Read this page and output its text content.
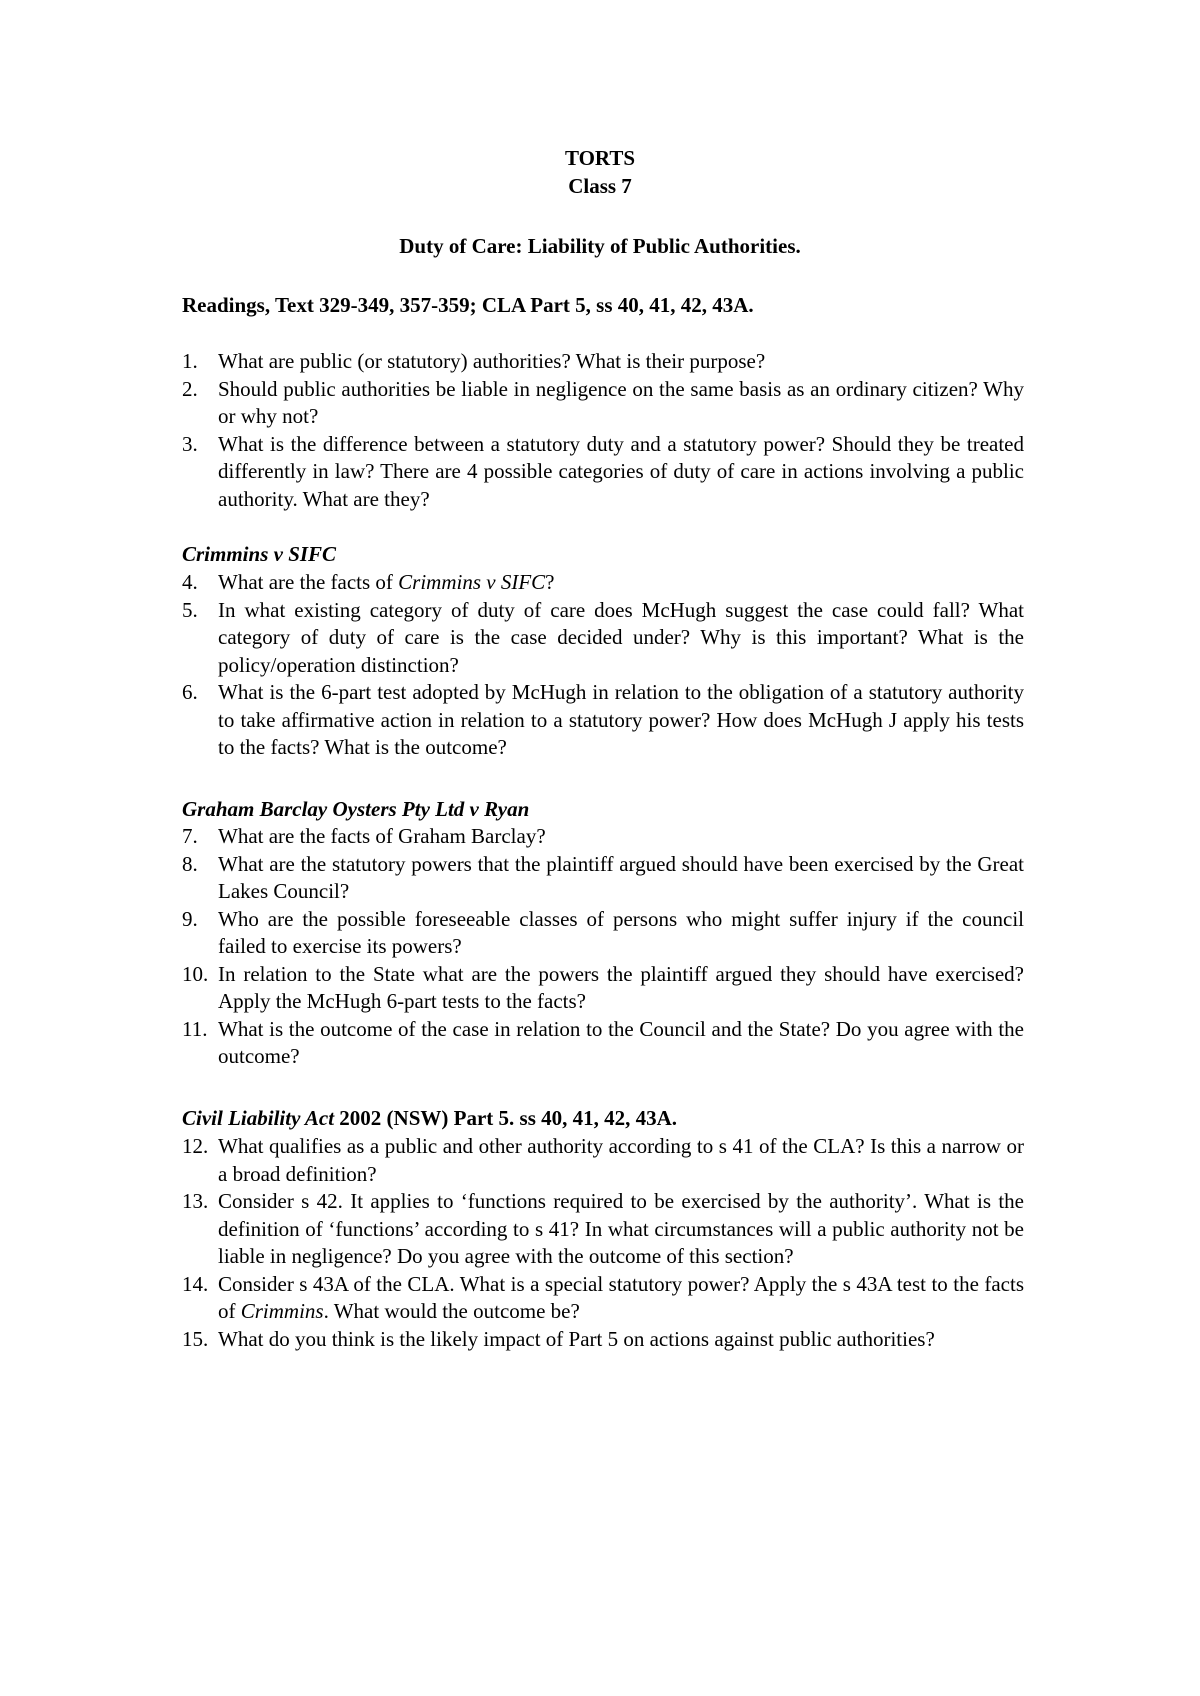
TORTS
Class 7
Duty of Care: Liability of Public Authorities.
Readings, Text 329-349, 357-359; CLA Part 5, ss 40, 41, 42, 43A.
1. What are public (or statutory) authorities? What is their purpose?
2. Should public authorities be liable in negligence on the same basis as an ordinary citizen? Why or why not?
3. What is the difference between a statutory duty and a statutory power? Should they be treated differently in law? There are 4 possible categories of duty of care in actions involving a public authority. What are they?
Crimmins v SIFC
4. What are the facts of Crimmins v SIFC?
5. In what existing category of duty of care does McHugh suggest the case could fall? What category of duty of care is the case decided under? Why is this important? What is the policy/operation distinction?
6. What is the 6-part test adopted by McHugh in relation to the obligation of a statutory authority to take affirmative action in relation to a statutory power? How does McHugh J apply his tests to the facts? What is the outcome?
Graham Barclay Oysters Pty Ltd v Ryan
7. What are the facts of Graham Barclay?
8. What are the statutory powers that the plaintiff argued should have been exercised by the Great Lakes Council?
9. Who are the possible foreseeable classes of persons who might suffer injury if the council failed to exercise its powers?
10. In relation to the State what are the powers the plaintiff argued they should have exercised? Apply the McHugh 6-part tests to the facts?
11. What is the outcome of the case in relation to the Council and the State? Do you agree with the outcome?
Civil Liability Act 2002 (NSW) Part 5. ss 40, 41, 42, 43A.
12. What qualifies as a public and other authority according to s 41 of the CLA? Is this a narrow or a broad definition?
13. Consider s 42. It applies to ‘functions required to be exercised by the authority’. What is the definition of ‘functions’ according to s 41? In what circumstances will a public authority not be liable in negligence? Do you agree with the outcome of this section?
14. Consider s 43A of the CLA. What is a special statutory power? Apply the s 43A test to the facts of Crimmins. What would the outcome be?
15. What do you think is the likely impact of Part 5 on actions against public authorities?
